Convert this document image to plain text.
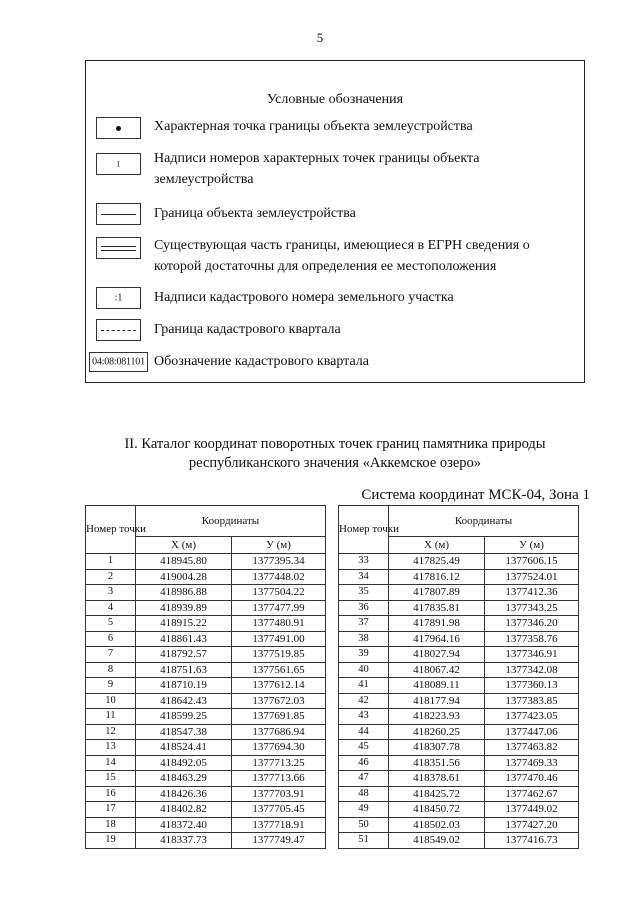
5
Условные обозначения
Характерная точка границы объекта землеустройства
1 Надписи номеров характерных точек границы объекта землеустройства
Граница объекта землеустройства
Существующая часть границы, имеющиеся в ЕГРН сведения о которой достаточны для определения ее местоположения
:1	Надписи кадастрового номера земельного участка
Граница кадастрового квартала
04:08:081101 Обозначение кадастрового квартала
II. Каталог координат поворотных точек границ памятника природы
республиканского значения «Аккемское озеро»
Система координат МСК-04, Зона 1
Номер точки	Координаты	
	X (м)	У (м)
1	418945.80	1377395.34
2	419004.28	1377448.02
3	418986.88	1377504.22
4	418939.89	1377477.99
5	418915.22	1377480.91
6	418861.43	1377491.00
7	418792.57	1377519.85
8	418751.63	1377561.65
9	418710.19	1377612.14
10	418642.43	1377672.03
11	418599.25	1377691.85
12	418547.38	1377686.94
13	418524.41	1377694.30
14	418492.05	1377713.25
15	418463.29	1377713.66
16	418426.36	1377703.91
17	418402.82	1377705.45
18	418372.40	1377718.91
19	418337.73	1377749.47
Номер точки	Координаты	
	X (м)	У (м)
33	417825.49	1377606.15
34	417816.12	1377524.01
35	417807.89	1377412.36
36	417835.81	1377343.25
37	417891.98	1377346.20
38	417964.16	1377358.76
39	418027.94	1377346.91
40	418067.42	1377342.08
41	418089.11	1377360.13
42	418177.94	1377383.85
43	418223.93	1377423.05
44	418260.25	1377447.06
45	418307.78	1377463.82
46	418351.56	1377469.33
47	418378.61	1377470.46
48	418425.72	1377462.67
49	418450.72	1377449.02
50	418502.03	1377427.20
51	418549.02	1377416.73
